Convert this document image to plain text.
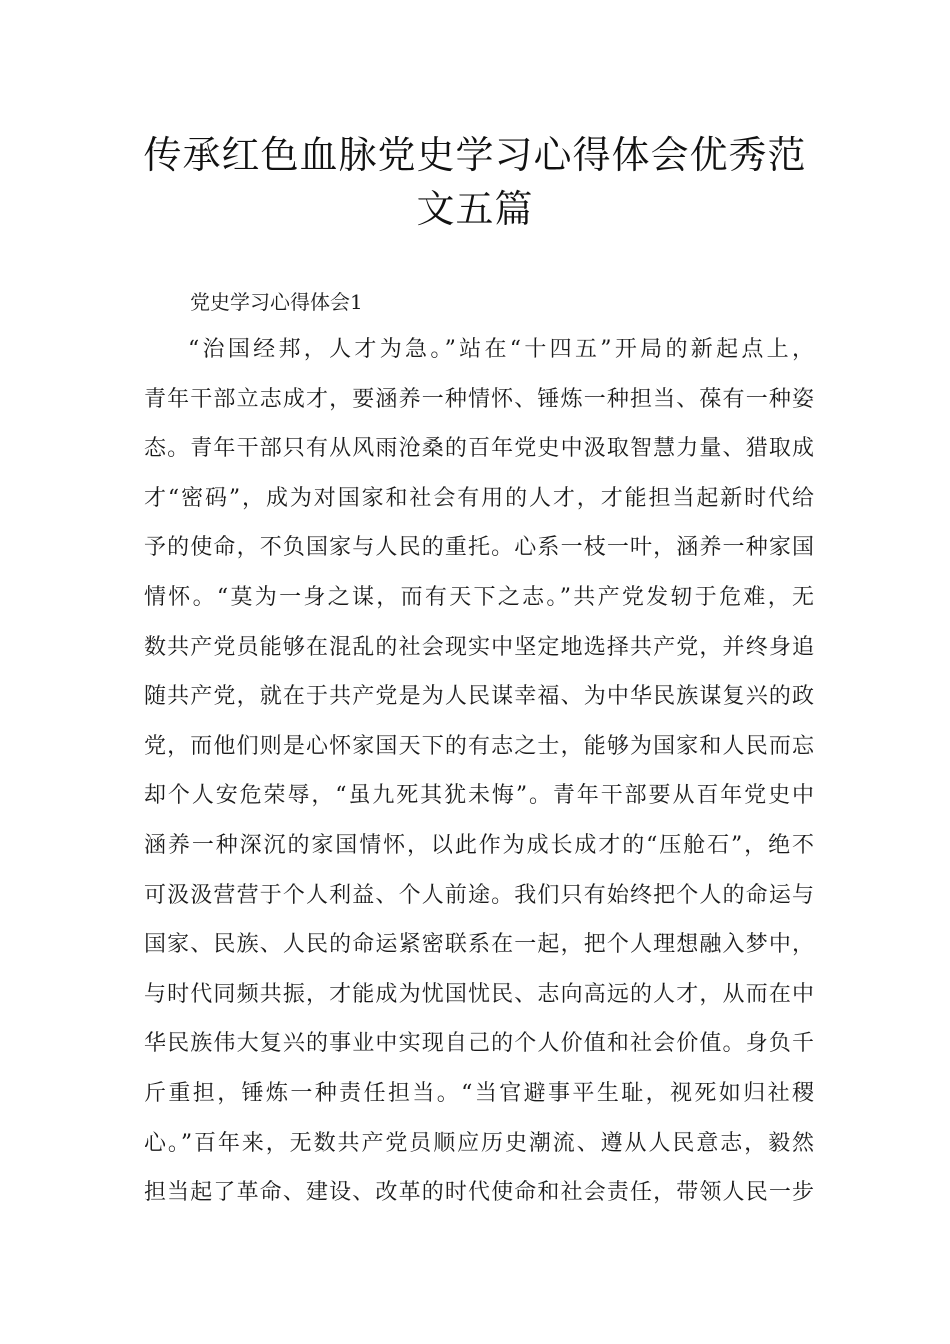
传承红色血脉党史学习心得体会优秀范
文五篇
党史学习心得体会1
“治国经邦，人才为急。”站在“十四五”开局的新起点上，
青年干部立志成才，要涵养一种情怀、锤炼一种担当、葆有一种姿
态。青年干部只有从风雨沧桑的百年党史中汲取智慧力量、猎取成
才“密码”，成为对国家和社会有用的人才，才能担当起新时代给
予的使命，不负国家与人民的重托。心系一枝一叶，涵养一种家国
情怀。“莫为一身之谋，而有天下之志。”共产党发轫于危难，无
数共产党员能够在混乱的社会现实中坚定地选择共产党，并终身追
随共产党，就在于共产党是为人民谋幸福、为中华民族谋复兴的政
党，而他们则是心怀家国天下的有志之士，能够为国家和人民而忘
却个人安危荣辱，“虽九死其犹未悔”。青年干部要从百年党史中
涵养一种深沉的家国情怀，以此作为成长成才的“压舱石”，绝不
可汲汲营营于个人利益、个人前途。我们只有始终把个人的命运与
国家、民族、人民的命运紧密联系在一起，把个人理想融入梦中，
与时代同频共振，才能成为忧国忧民、志向高远的人才，从而在中
华民族伟大复兴的事业中实现自己的个人价值和社会价值。身负千
斤重担，锤炼一种责任担当。“当官避事平生耻，视死如归社稷
心。”百年来，无数共产党员顺应历史潮流、遵从人民意志，毅然
担当起了革命、建设、改革的时代使命和社会责任，带领人民一步
